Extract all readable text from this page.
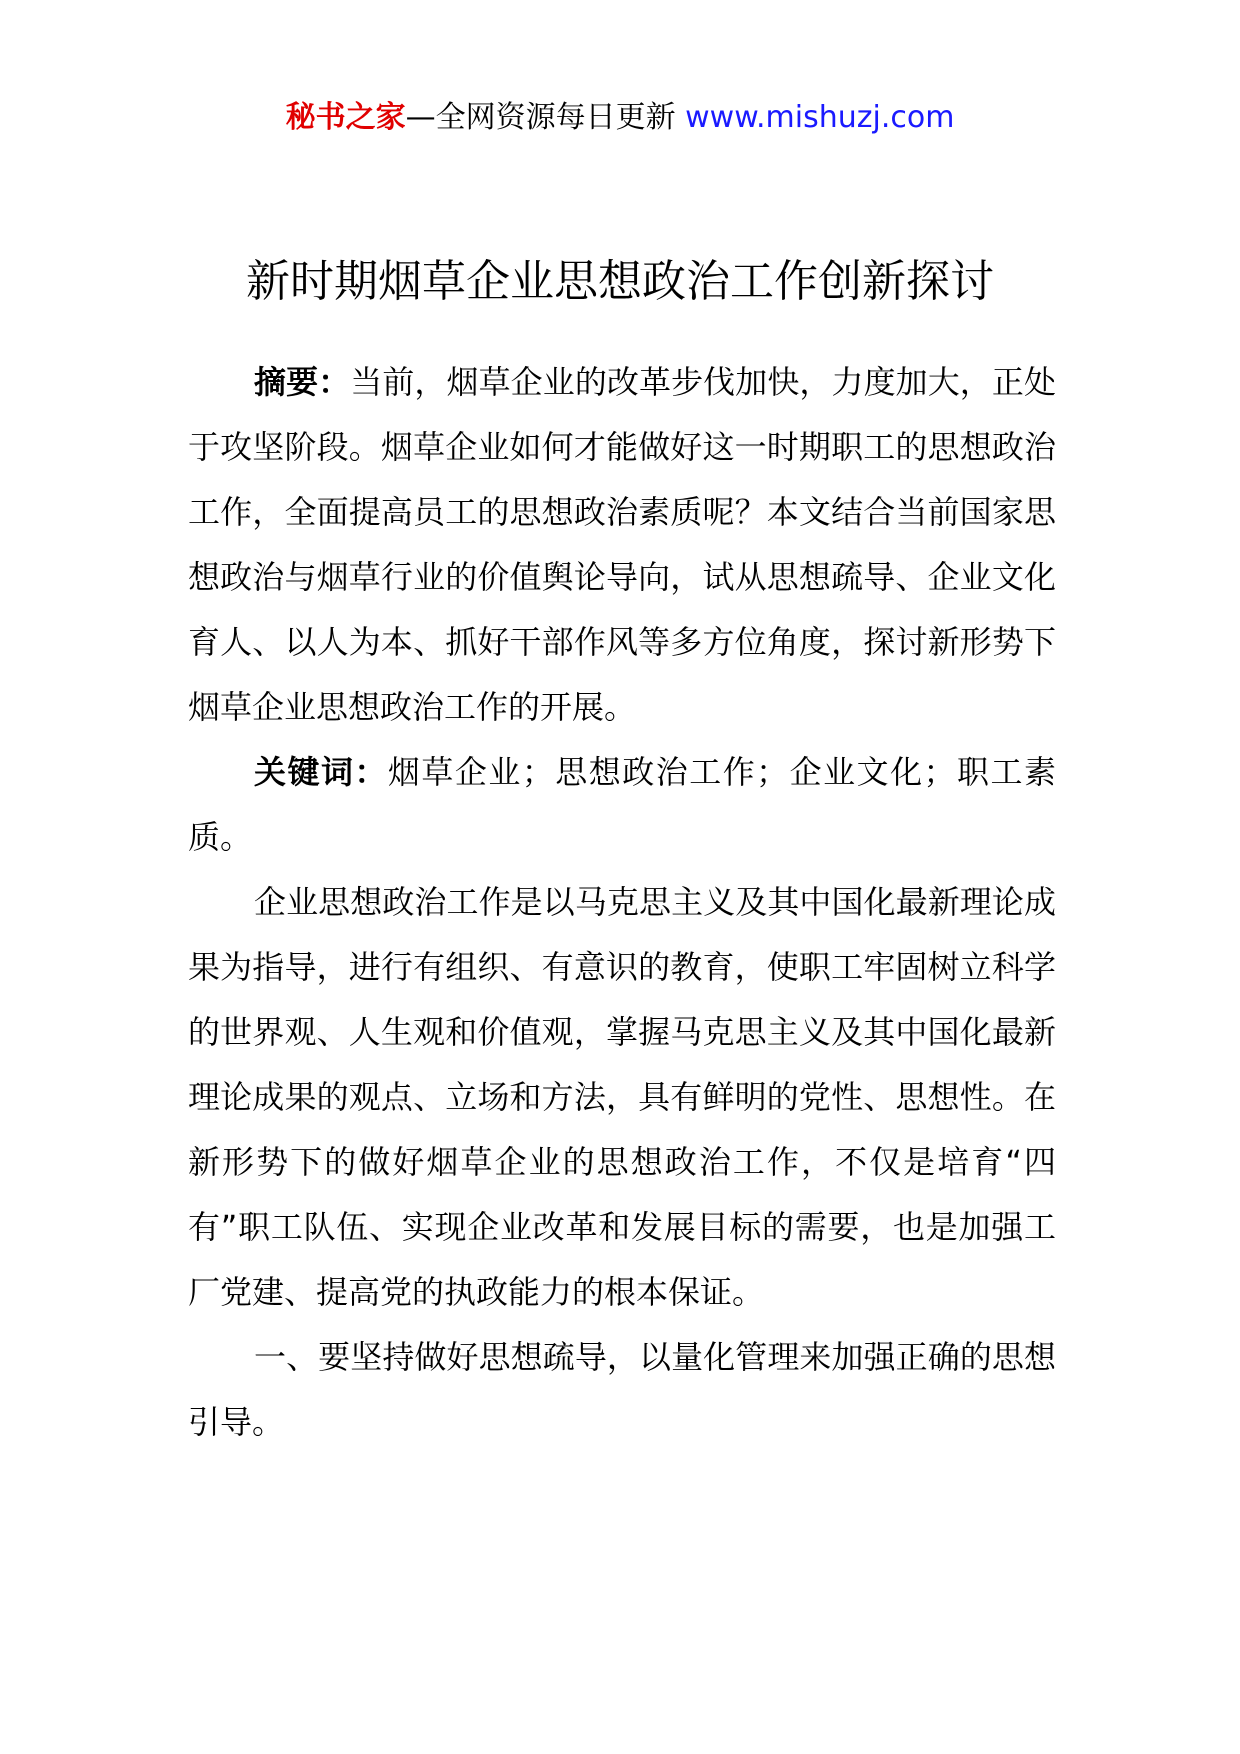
秘书之家—全网资源每日更新 www.mishuzj.com
新时期烟草企业思想政治工作创新探讨

摘要：当前，烟草企业的改革步伐加快，力度加大，正处于攻坚阶段。烟草企业如何才能做好这一时期职工的思想政治工作，全面提高员工的思想政治素质呢？本文结合当前国家思想政治与烟草行业的价值舆论导向，试从思想疏导、企业文化育人、以人为本、抓好干部作风等多方位角度，探讨新形势下烟草企业思想政治工作的开展。

关键词：烟草企业；思想政治工作；企业文化；职工素质。

企业思想政治工作是以马克思主义及其中国化最新理论成果为指导，进行有组织、有意识的教育，使职工牢固树立科学的世界观、人生观和价值观，掌握马克思主义及其中国化最新理论成果的观点、立场和方法，具有鲜明的党性、思想性。在新形势下的做好烟草企业的思想政治工作，不仅是培育“四有”职工队伍、实现企业改革和发展目标的需要，也是加强工厂党建、提高党的执政能力的根本保证。

一、要坚持做好思想疏导，以量化管理来加强正确的思想引导。
